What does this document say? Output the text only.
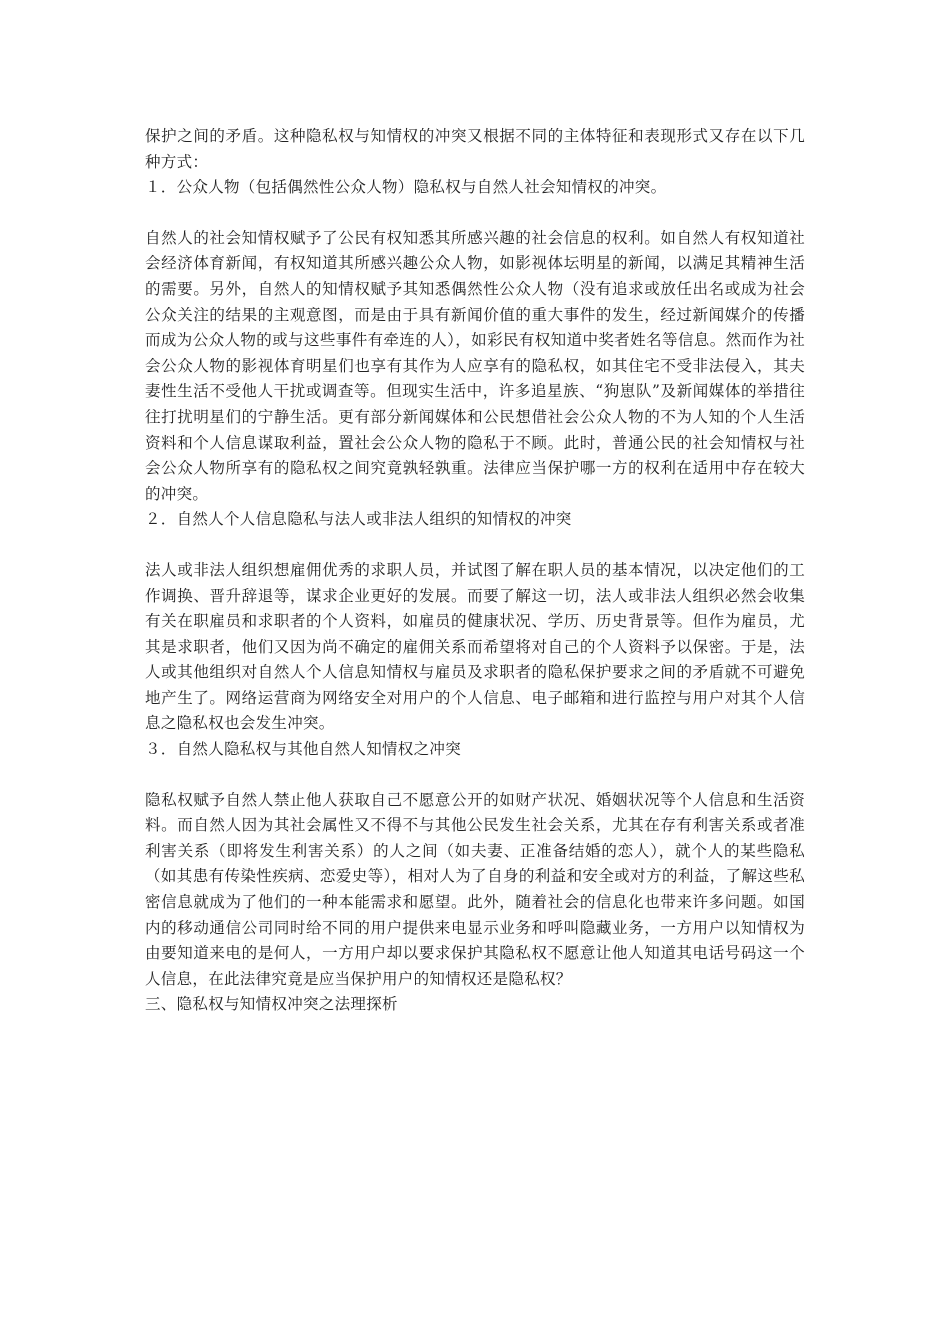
保护之间的矛盾。这种隐私权与知情权的冲突又根据不同的主体特征和表现形式又存在以下几种方式：

１．公众人物（包括偶然性公众人物）隐私权与自然人社会知情权的冲突。

自然人的社会知情权赋予了公民有权知悉其所感兴趣的社会信息的权利。如自然人有权知道社会经济体育新闻，有权知道其所感兴趣公众人物，如影视体坛明星的新闻，以满足其精神生活的需要。另外，自然人的知情权赋予其知悉偶然性公众人物（没有追求或放任出名或成为社会公众关注的结果的主观意图，而是由于具有新闻价值的重大事件的发生，经过新闻媒介的传播而成为公众人物的或与这些事件有牵连的人），如彩民有权知道中奖者姓名等信息。然而作为社会公众人物的影视体育明星们也享有其作为人应享有的隐私权，如其住宅不受非法侵入，其夫妻性生活不受他人干扰或调查等。但现实生活中，许多追星族、“狗崽队”及新闻媒体的举措往往打扰明星们的宁静生活。更有部分新闻媒体和公民想借社会公众人物的不为人知的个人生活资料和个人信息谋取利益，置社会公众人物的隐私于不顾。此时，普通公民的社会知情权与社会公众人物所享有的隐私权之间究竟孰轻孰重。法律应当保护哪一方的权利在适用中存在较大的冲突。

２．自然人个人信息隐私与法人或非法人组织的知情权的冲突

法人或非法人组织想雇佣优秀的求职人员，并试图了解在职人员的基本情况，以决定他们的工作调换、晋升辞退等，谋求企业更好的发展。而要了解这一切，法人或非法人组织必然会收集有关在职雇员和求职者的个人资料，如雇员的健康状况、学历、历史背景等。但作为雇员，尤其是求职者，他们又因为尚不确定的雇佣关系而希望将对自己的个人资料予以保密。于是，法人或其他组织对自然人个人信息知情权与雇员及求职者的隐私保护要求之间的矛盾就不可避免地产生了。网络运营商为网络安全对用户的个人信息、电子邮箱和进行监控与用户对其个人信息之隐私权也会发生冲突。

３．自然人隐私权与其他自然人知情权之冲突

隐私权赋予自然人禁止他人获取自己不愿意公开的如财产状况、婚姻状况等个人信息和生活资料。而自然人因为其社会属性又不得不与其他公民发生社会关系，尤其在存有利害关系或者准利害关系（即将发生利害关系）的人之间（如夫妻、正准备结婚的恋人），就个人的某些隐私（如其患有传染性疾病、恋爱史等），相对人为了自身的利益和安全或对方的利益，了解这些私密信息就成为了他们的一种本能需求和愿望。此外，随着社会的信息化也带来许多问题。如国内的移动通信公司同时给不同的用户提供来电显示业务和呼叫隐藏业务，一方用户以知情权为由要知道来电的是何人，一方用户却以要求保护其隐私权不愿意让他人知道其电话号码这一个人信息，在此法律究竟是应当保护用户的知情权还是隐私权？

三、隐私权与知情权冲突之法理探析
